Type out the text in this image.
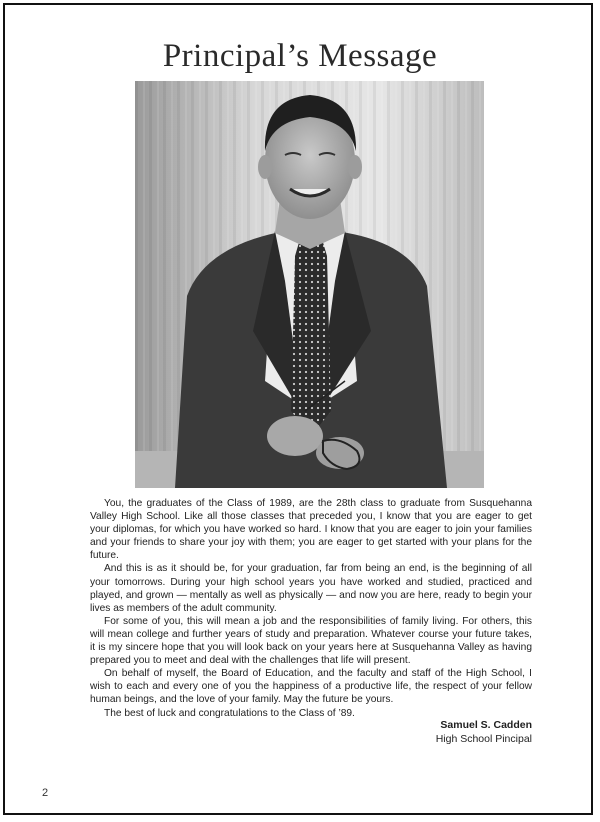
Principal’s Message

You, the graduates of the Class of 1989, are the 28th class to graduate from Susquehanna Valley High School. Like all those classes that preceded you, I know that you are eager to get your diplomas, for which you have worked so hard. I know that you are eager to join your families and your friends to share your joy with them; you are eager to get started with your plans for the future.

And this is as it should be, for your graduation, far from being an end, is the beginning of all your tomorrows. During your high school years you have worked and studied, practiced and played, and grown — mentally as well as physically — and now you are here, ready to begin your lives as members of the adult community.

For some of you, this will mean a job and the responsibilities of family living. For others, this will mean college and further years of study and preparation. Whatever course your future takes, it is my sincere hope that you will look back on your years here at Susquehanna Valley as having prepared you to meet and deal with the challenges that life will present.

On behalf of myself, the Board of Education, and the faculty and staff of the High School, I wish to each and every one of you the happiness of a productive life, the respect of your fellow human beings, and the love of your family. May the future be yours.

The best of luck and congratulations to the Class of ’89.

Samuel S. Cadden
High School Pincipal
2
